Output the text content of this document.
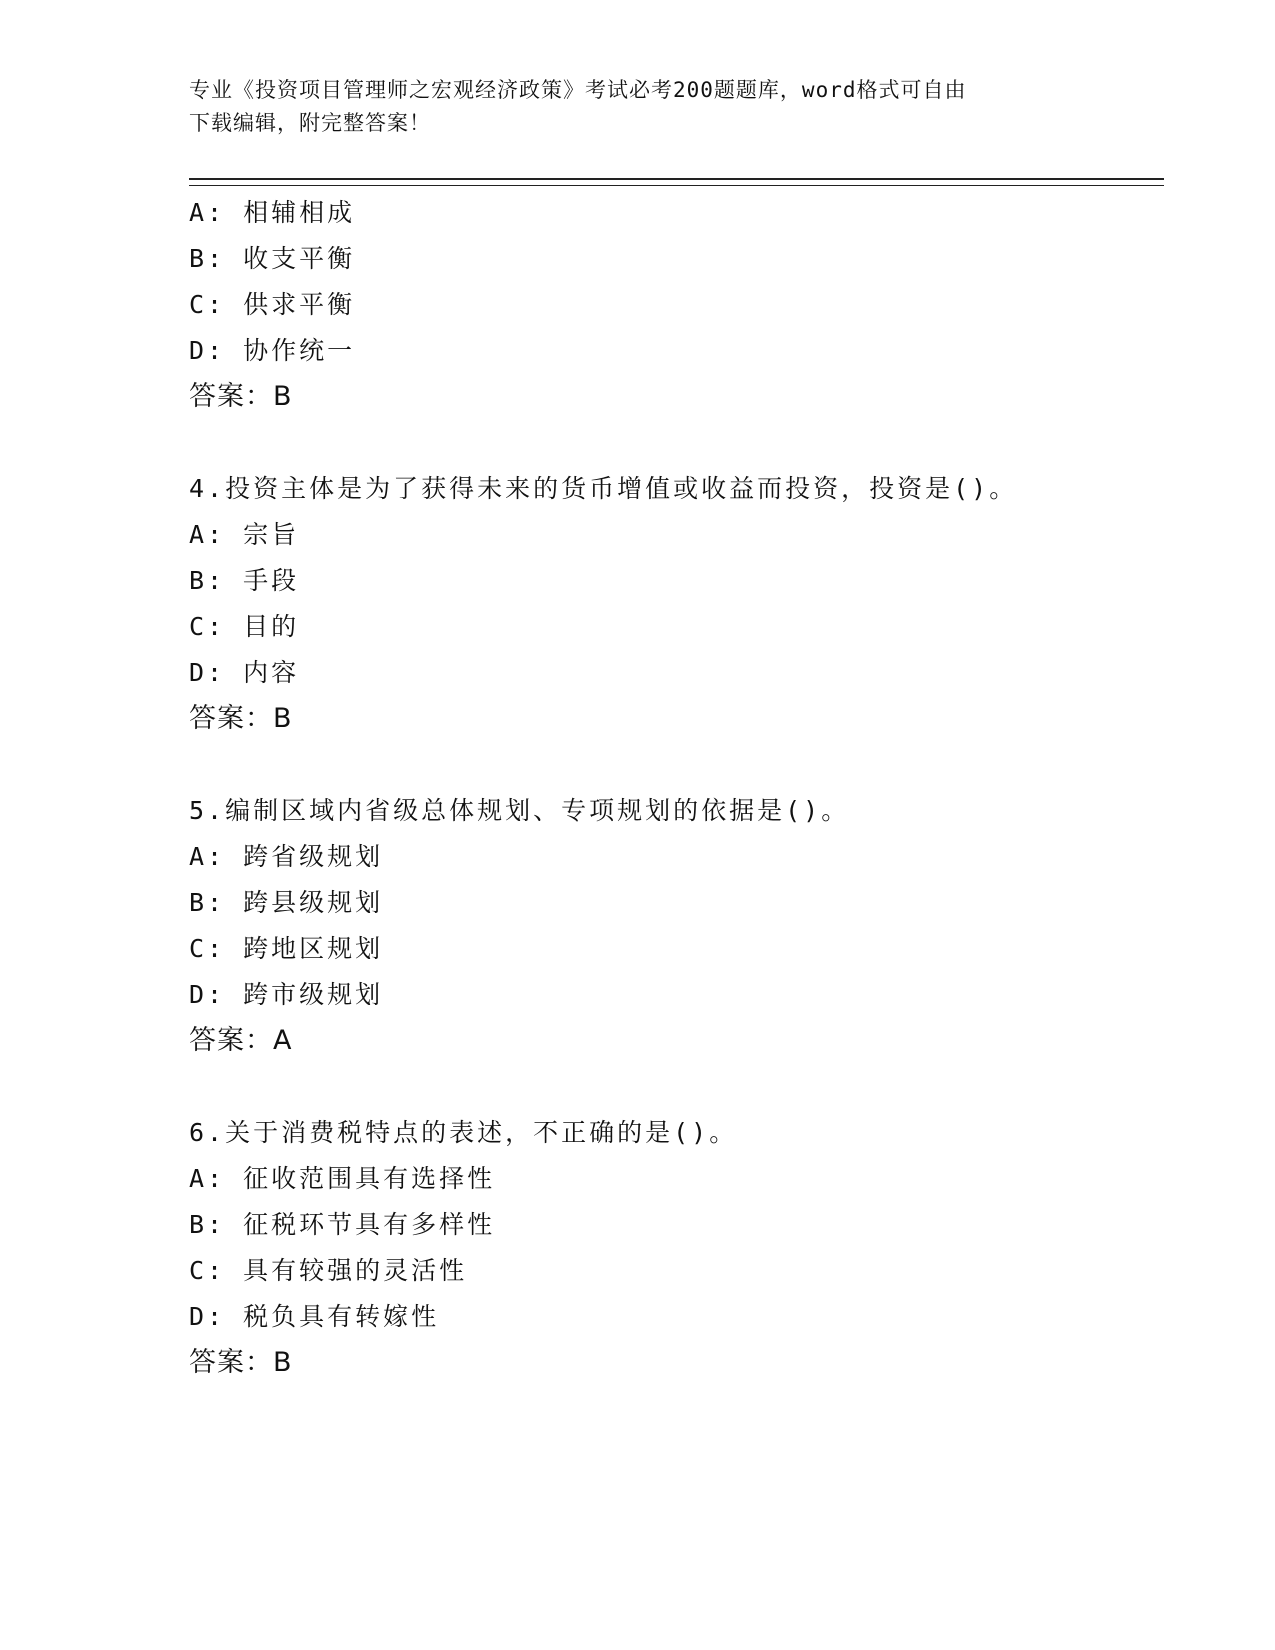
专业《投资项目管理师之宏观经济政策》考试必考200题题库，word格式可自由
下载编辑，附完整答案！
A: 相辅相成
B: 收支平衡
C: 供求平衡
D: 协作统一
答案：B
4.投资主体是为了获得未来的货币增值或收益而投资，投资是()。
A: 宗旨
B: 手段
C: 目的
D: 内容
答案：B
5.编制区域内省级总体规划、专项规划的依据是()。
A: 跨省级规划
B: 跨县级规划
C: 跨地区规划
D: 跨市级规划
答案：A
6.关于消费税特点的表述，不正确的是()。
A: 征收范围具有选择性
B: 征税环节具有多样性
C: 具有较强的灵活性
D: 税负具有转嫁性
答案：B
